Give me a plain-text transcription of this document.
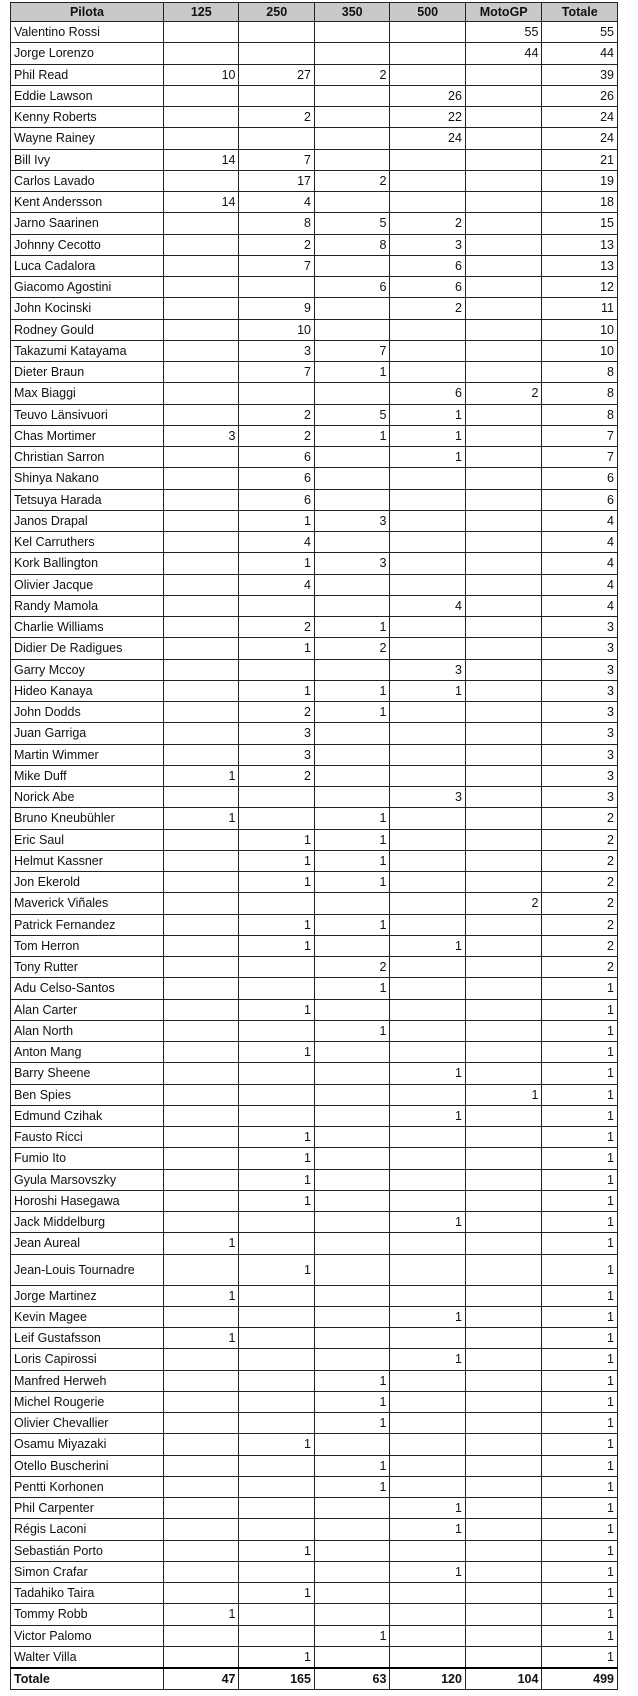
Pilota	125	250	350	500	MotoGP	Totale
Valentino Rossi					55	55
Jorge Lorenzo					44	44
Phil Read	10	27	2			39
Eddie Lawson				26		26
Kenny Roberts		2		22		24
Wayne Rainey				24		24
Bill Ivy	14	7				21
Carlos Lavado		17	2			19
Kent Andersson	14	4				18
Jarno Saarinen		8	5	2		15
Johnny Cecotto		2	8	3		13
Luca Cadalora		7		6		13
Giacomo Agostini			6	6		12
John Kocinski		9		2		11
Rodney Gould		10				10
Takazumi Katayama		3	7			10
Dieter Braun		7	1			8
Max Biaggi				6	2	8
Teuvo Länsivuori		2	5	1		8
Chas Mortimer	3	2	1	1		7
Christian Sarron		6		1		7
Shinya Nakano		6				6
Tetsuya Harada		6				6
Janos Drapal		1	3			4
Kel Carruthers		4				4
Kork Ballington		1	3			4
Olivier Jacque		4				4
Randy Mamola				4		4
Charlie Williams		2	1			3
Didier De Radigues		1	2			3
Garry Mccoy				3		3
Hideo Kanaya		1	1	1		3
John Dodds		2	1			3
Juan Garriga		3				3
Martin Wimmer		3				3
Mike Duff	1	2				3
Norick Abe				3		3
Bruno Kneubühler	1		1			2
Eric Saul		1	1			2
Helmut Kassner		1	1			2
Jon Ekerold		1	1			2
Maverick Viñales					2	2
Patrick Fernandez		1	1			2
Tom Herron		1		1		2
Tony Rutter			2			2
Adu Celso-Santos			1			1
Alan Carter		1				1
Alan North			1			1
Anton Mang		1				1
Barry Sheene				1		1
Ben Spies					1	1
Edmund Czihak				1		1
Fausto Ricci		1				1
Fumio Ito		1				1
Gyula Marsovszky		1				1
Horoshi Hasegawa		1				1
Jack Middelburg				1		1
Jean Aureal	1					1
Jean-Louis Tournadre		1				1
Jorge Martinez	1					1
Kevin Magee				1		1
Leif Gustafsson	1					1
Loris Capirossi				1		1
Manfred Herweh			1			1
Michel Rougerie			1			1
Olivier Chevallier			1			1
Osamu Miyazaki		1				1
Otello Buscherini			1			1
Pentti Korhonen			1			1
Phil Carpenter				1		1
Régis Laconi				1		1
Sebastián Porto		1				1
Simon Crafar				1		1
Tadahiko Taira		1				1
Tommy Robb	1					1
Victor Palomo			1			1
Walter Villa		1				1
Totale	47	165	63	120	104	499
